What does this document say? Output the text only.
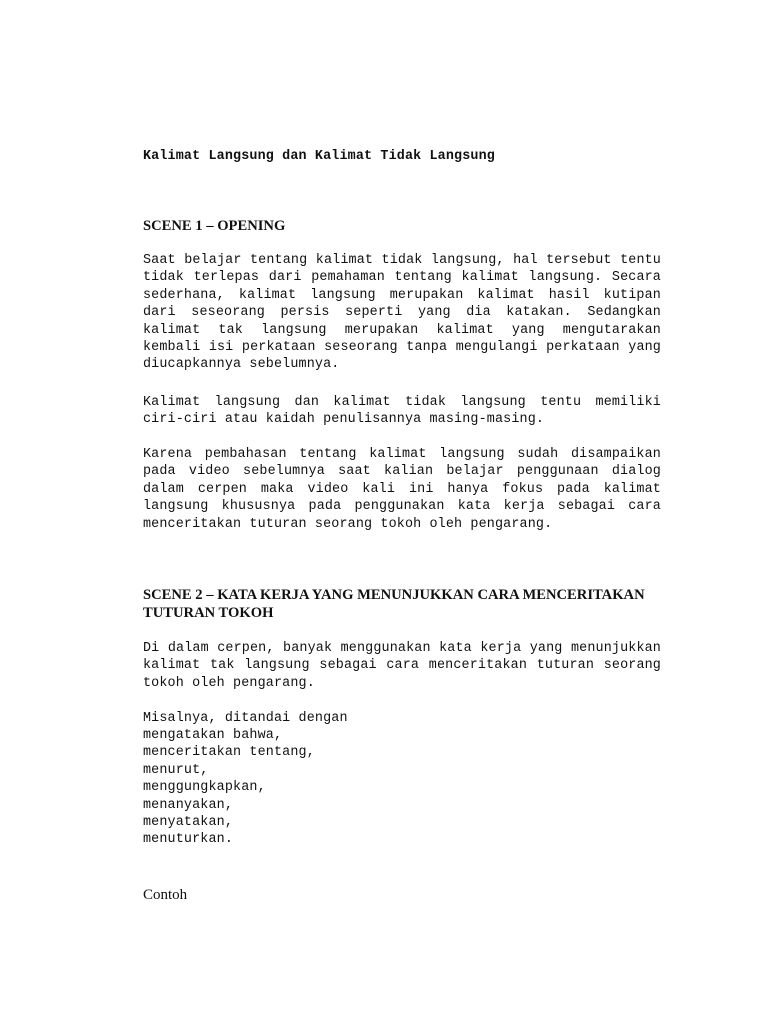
Kalimat Langsung dan Kalimat Tidak Langsung

SCENE 1 – OPENING

Saat belajar tentang kalimat tidak langsung, hal tersebut tentu tidak terlepas dari pemahaman tentang kalimat langsung. Secara sederhana, kalimat langsung merupakan kalimat hasil kutipan dari seseorang persis seperti yang dia katakan. Sedangkan kalimat tak langsung merupakan kalimat yang mengutarakan kembali isi perkataan seseorang tanpa mengulangi perkataan yang diucapkannya sebelumnya.

Kalimat langsung dan kalimat tidak langsung tentu memiliki ciri-ciri atau kaidah penulisannya masing-masing.

Karena pembahasan tentang kalimat langsung sudah disampaikan pada video sebelumnya saat kalian belajar penggunaan dialog dalam cerpen maka video kali ini hanya fokus pada kalimat langsung khususnya pada penggunakan kata kerja sebagai cara menceritakan tuturan seorang tokoh oleh pengarang.

SCENE 2 – KATA KERJA YANG MENUNJUKKAN CARA MENCERITAKAN TUTURAN TOKOH

Di dalam cerpen, banyak menggunakan kata kerja yang menunjukkan kalimat tak langsung sebagai cara menceritakan tuturan seorang tokoh oleh pengarang.

Misalnya, ditandai dengan

mengatakan bahwa,
menceritakan tentang,
menurut,
menggungkapkan,
menanyakan,
menyatakan,
menuturkan.

Contoh
